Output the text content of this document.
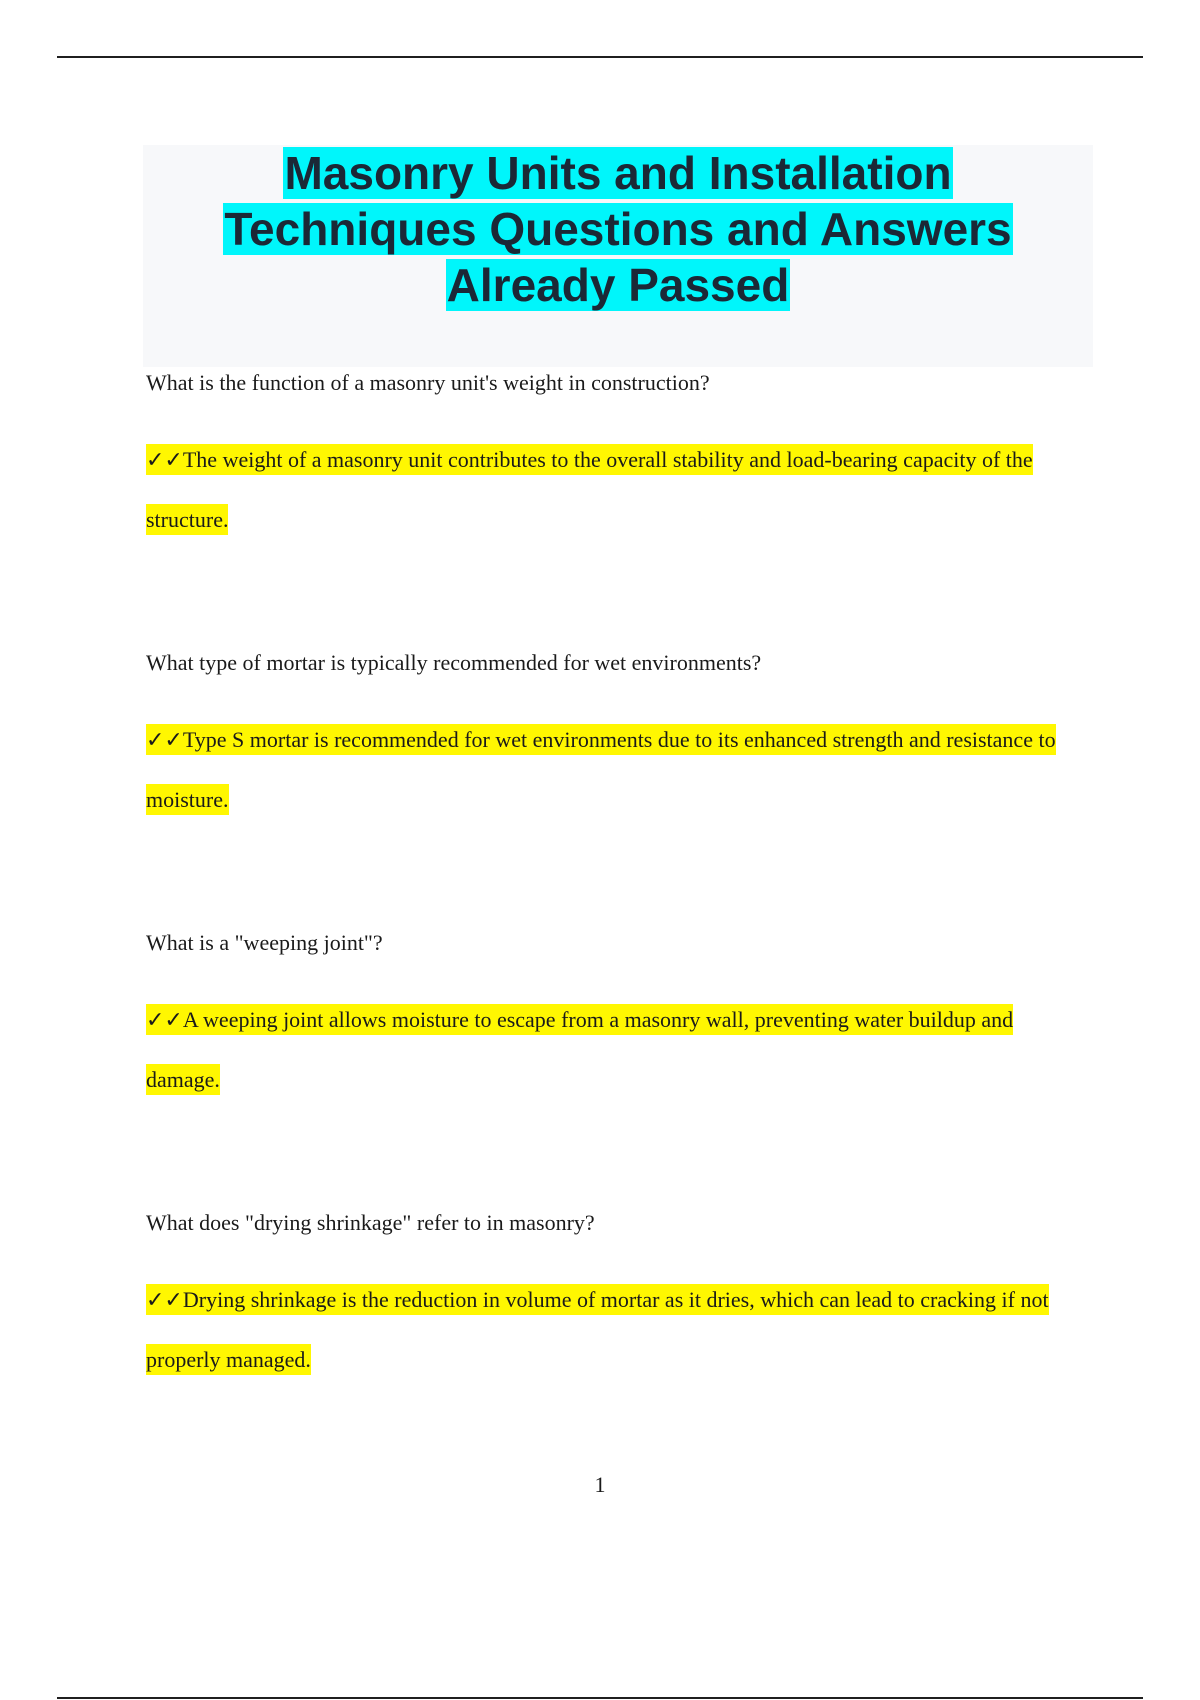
Masonry Units and Installation
Techniques Questions and Answers
Already Passed

What is the function of a masonry unit's weight in construction?

✓✓The weight of a masonry unit contributes to the overall stability and load-bearing capacity of the structure.

What type of mortar is typically recommended for wet environments?

✓✓Type S mortar is recommended for wet environments due to its enhanced strength and resistance to moisture.

What is a "weeping joint"?

✓✓A weeping joint allows moisture to escape from a masonry wall, preventing water buildup and damage.

What does "drying shrinkage" refer to in masonry?

✓✓Drying shrinkage is the reduction in volume of mortar as it dries, which can lead to cracking if not properly managed.

1
